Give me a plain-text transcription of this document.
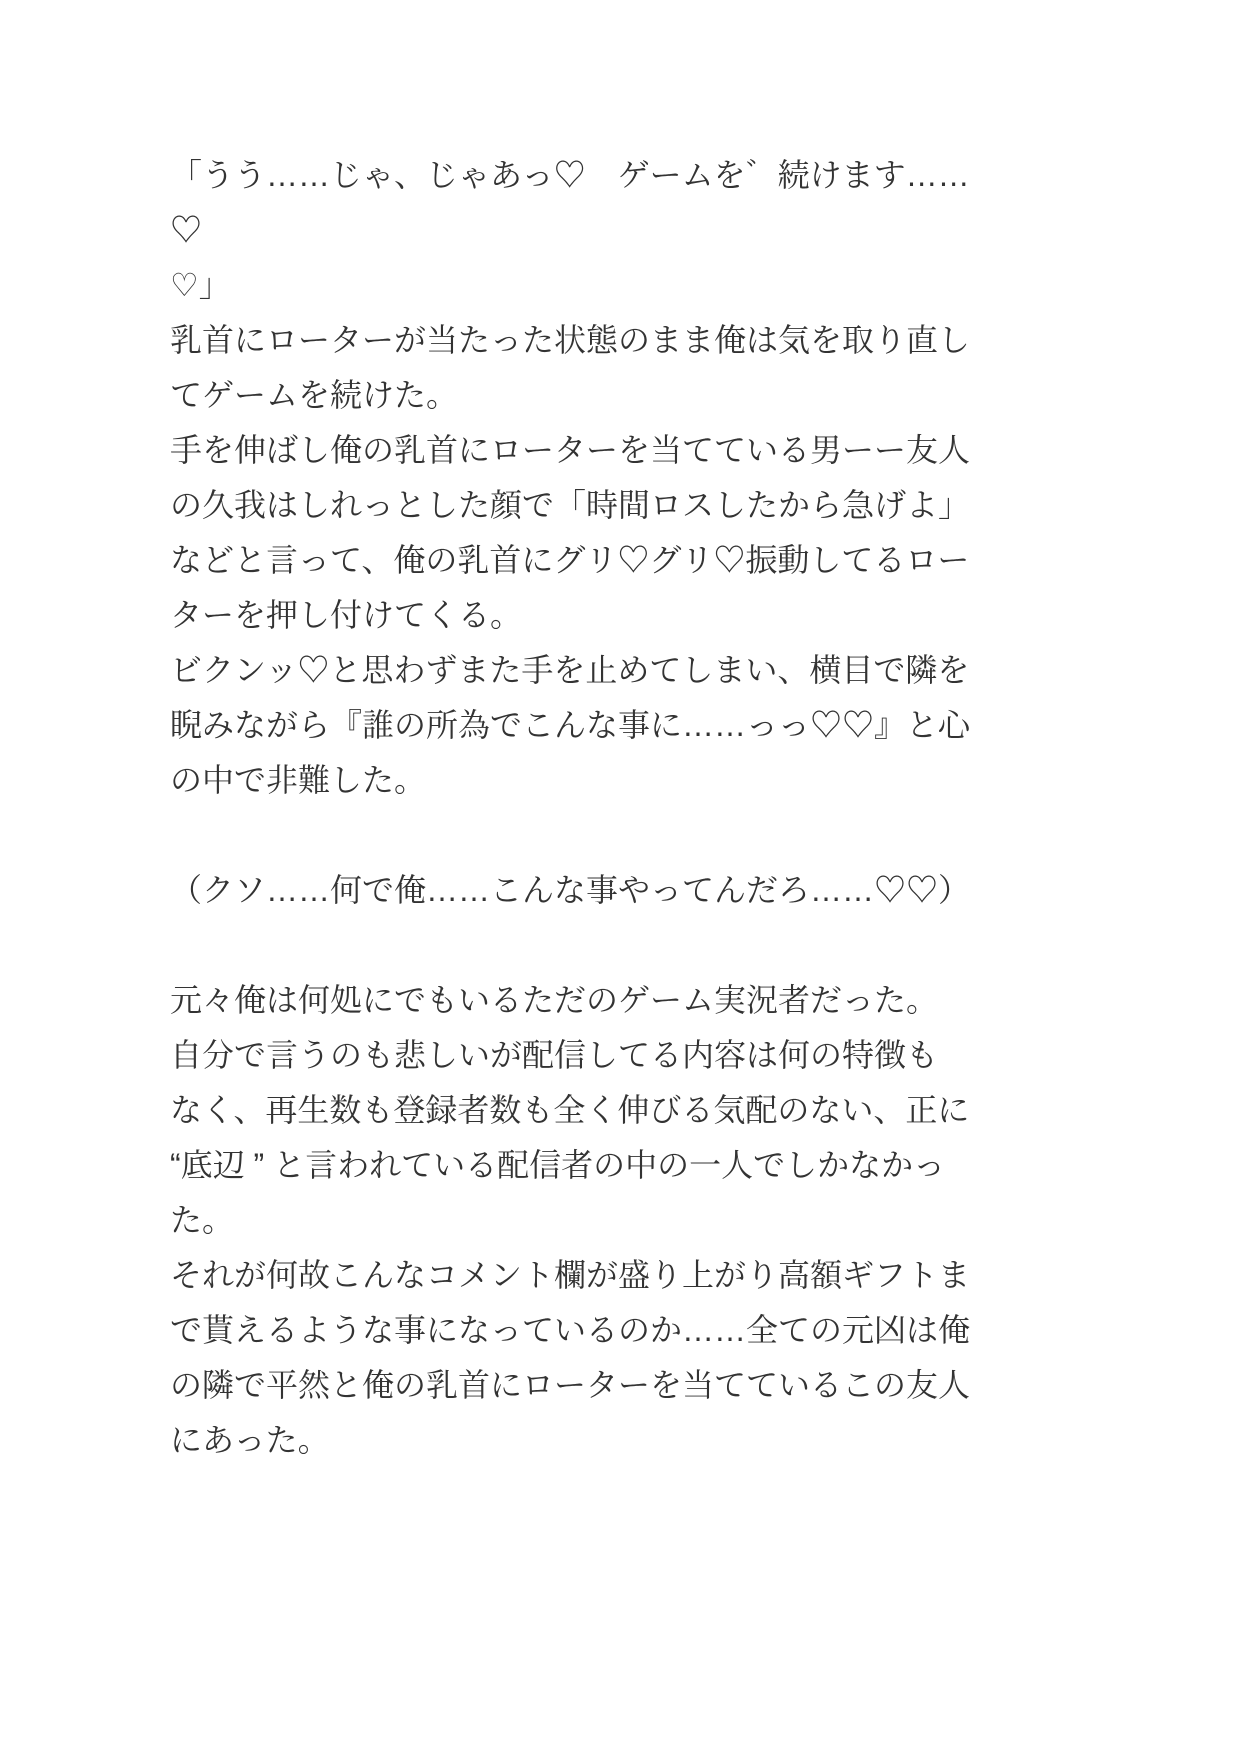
「うう……じゃ、じゃあっ♡　ゲームを゛続けます……♡
♡」
乳首にローターが当たった状態のまま俺は気を取り直し
てゲームを続けた。
手を伸ばし俺の乳首にローターを当てている男ーー友人
の久我はしれっとした顔で「時間ロスしたから急げよ」
などと言って、俺の乳首にグリ♡グリ♡振動してるロー
ターを押し付けてくる。
ビクンッ♡と思わずまた手を止めてしまい、横目で隣を
睨みながら『誰の所為でこんな事に……っっ♡♡』と心
の中で非難した。

（クソ……何で俺……こんな事やってんだろ……♡♡）

元々俺は何処にでもいるただのゲーム実況者だった。
自分で言うのも悲しいが配信してる内容は何の特徴も
なく、再生数も登録者数も全く伸びる気配のない、正に
“底辺 ” と言われている配信者の中の一人でしかなかっ
た。
それが何故こんなコメント欄が盛り上がり高額ギフトま
で貰えるような事になっているのか……全ての元凶は俺
の隣で平然と俺の乳首にローターを当てているこの友人
にあった。
